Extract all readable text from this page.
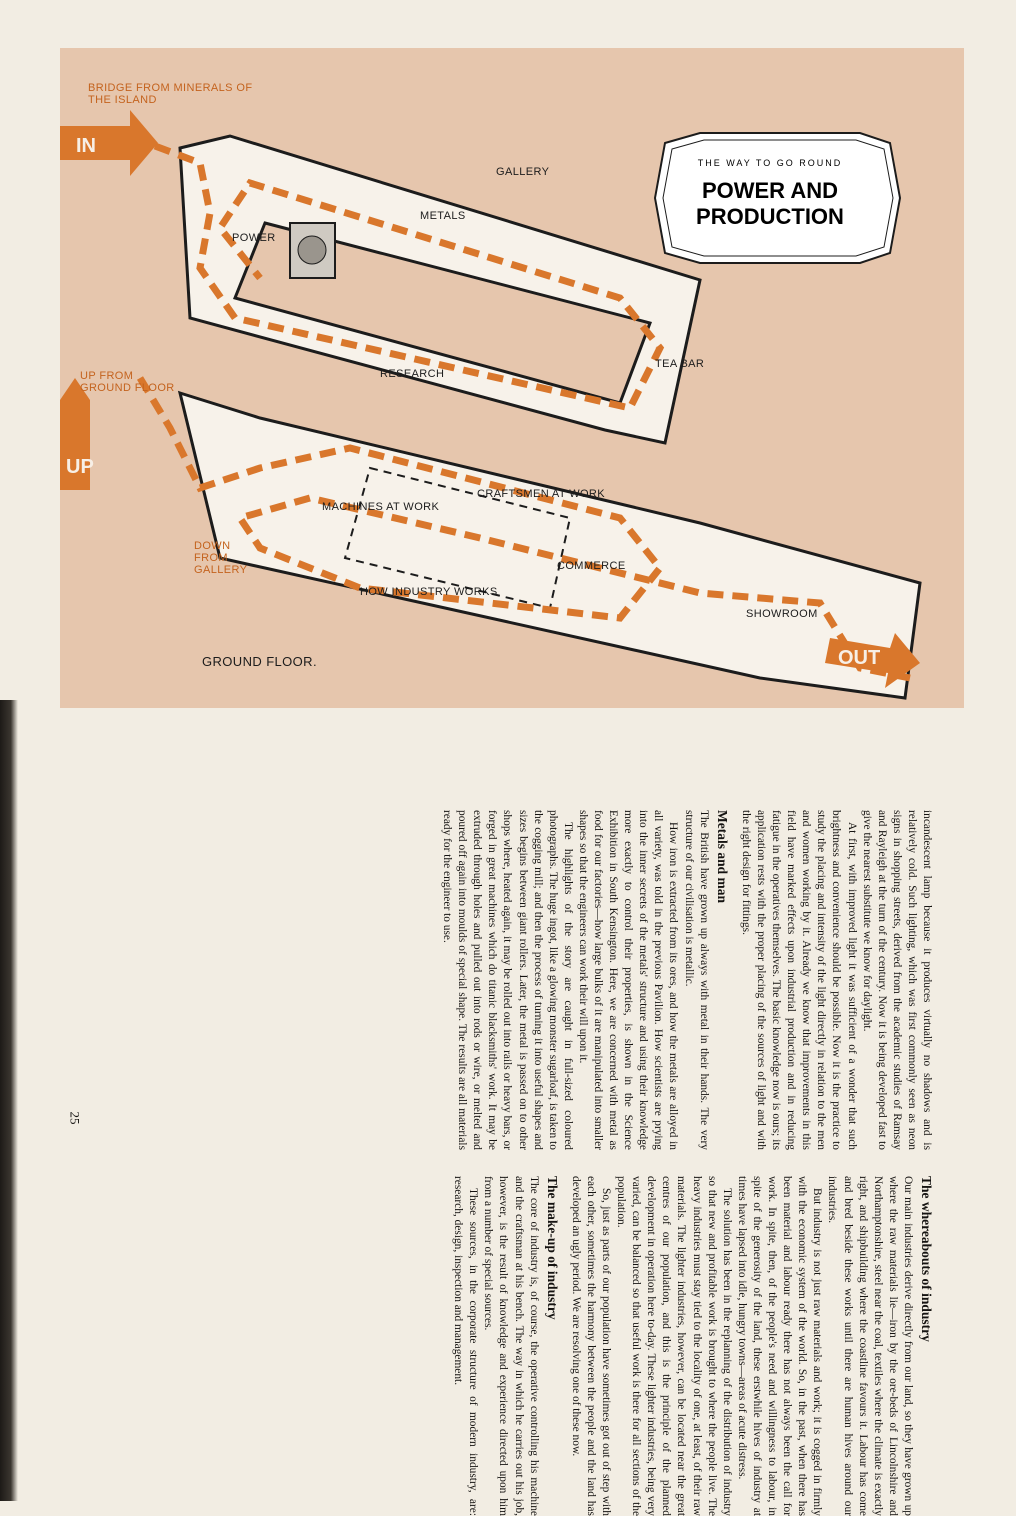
IN
UP
OUT
THE WAY TO GO ROUND
POWER AND PRODUCTION
BRIDGE FROM MINERALS OF THE ISLAND
GALLERY
METALS
POWER
RESEARCH
TEA BAR
UP FROM GROUND FLOOR
CRAFTSMEN AT WORK
MACHINES AT WORK
DOWN FROM GALLERY	COMMERCE
HOW INDUSTRY WORKS
SHOWROOM
GROUND FLOOR.

incandescent lamp because it produces virtually no shadows and is relatively cold. Such lighting, which was first commonly seen as neon signs in shopping streets, derived from the academic studies of Ramsay and Rayleigh at the turn of the century. Now it is being developed fast to give the nearest substitute we know for daylight.

At first, with improved light it was sufficient of a wonder that such brightness and convenience should be possible. Now it is the practice to study the placing and intensity of the light directly in relation to the men and women working by it. Already we know that improvements in this field have marked effects upon industrial production and in reducing fatigue in the operatives themselves. The basic knowledge now is ours; its application rests with the proper placing of the sources of light and with the right design for fittings.

Metals and man

The British have grown up always with metal in their hands. The very structure of our civilisation is metallic.

How iron is extracted from its ores, and how the metals are alloyed in all variety, was told in the previous Pavilion. How scientists are prying into the inner secrets of the metals' structure and using their knowledge more exactly to control their properties, is shown in the Science Exhibition in South Kensington. Here, we are concerned with metal as food for our factories—how large bulks of it are manipulated into smaller shapes so that the engineers can work their will upon it.

The highlights of the story are caught in full-sized coloured photographs. The huge ingot, like a glowing monster sugarloaf, is taken to the cogging mill; and then the process of turning it into useful shapes and sizes begins between giant rollers. Later, the metal is passed on to other shops where, heated again, it may be rolled out into rails or heavy bars, or forged in great machines which do titanic blacksmiths' work. It may be extruded through holes and pulled out into rods or wire, or melted and poured off again into moulds of special shape. The results are all materials ready for the engineer to use.

The whereabouts of industry

Our main industries derive directly from our land, so they have grown up where the raw materials lie—iron by the ore-beds of Lincolnshire and Northamptonshire, steel near the coal, textiles where the climate is exactly right, and shipbuilding where the coastline favours it. Labour has come and bred beside these works until there are human hives around our industries.

But industry is not just raw materials and work; it is cogged in firmly with the economic system of the world. So, in the past, when there has been material and labour ready there has not always been the call for work. In spite, then, of the people's need and willingness to labour, in spite of the generosity of the land, these erstwhile hives of industry at times have lapsed into idle, hungry towns—areas of acute distress.

The solution has been in the replanning of the distribution of industry so that new and profitable work is brought to where the people live. The heavy industries must stay tied to the locality of one, at least, of their raw materials. The lighter industries, however, can be located near the great centres of our population, and this is the principle of the planned development in operation here to-day. These lighter industries, being very varied, can be balanced so that useful work is there for all sections of the population.

So, just as parts of our population have sometimes got out of step with each other, sometimes the harmony between the people and the land has developed an ugly period. We are resolving one of these now.

The make-up of industry

The core of industry is, of course, the operative controlling his machine and the craftsman at his bench. The way in which he carries out his job, however, is the result of knowledge and experience directed upon him from a number of special sources.

These sources, in the corporate structure of modern industry, are: research, design, inspection and management.

25
